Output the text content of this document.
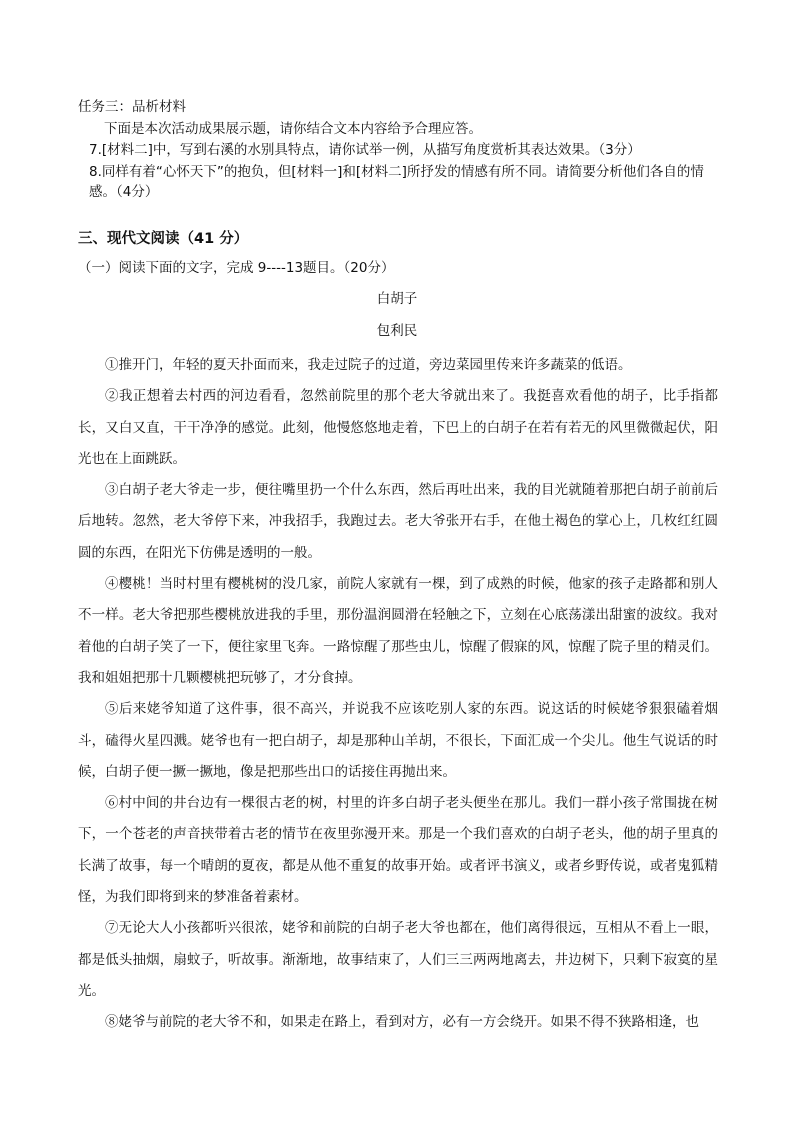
任务三：品析材料

下面是本次活动成果展示题，请你结合文本内容给予合理应答。

7.[材料二]中，写到右溪的水别具特点，请你试举一例，从描写角度赏析其表达效果。（3分）

8.同样有着“心怀天下”的抱负，但[材料一]和[材料二]所抒发的情感有所不同。请简要分析他们各自的情感。（4分）

三、现代文阅读（41 分）

（一）阅读下面的文字，完成 9----13题目。（20分）

白胡子

包利民

①推开门，年轻的夏天扑面而来，我走过院子的过道，旁边菜园里传来许多蔬菜的低语。

②我正想着去村西的河边看看，忽然前院里的那个老大爷就出来了。我挺喜欢看他的胡子，比手指都长，又白又直，干干净净的感觉。此刻，他慢悠悠地走着，下巴上的白胡子在若有若无的风里微微起伏，阳光也在上面跳跃。

③白胡子老大爷走一步，便往嘴里扔一个什么东西，然后再吐出来，我的目光就随着那把白胡子前前后后地转。忽然，老大爷停下来，冲我招手，我跑过去。老大爷张开右手，在他土褐色的掌心上，几枚红红圆圆的东西，在阳光下仿佛是透明的一般。

④樱桃！当时村里有樱桃树的没几家，前院人家就有一棵，到了成熟的时候，他家的孩子走路都和别人不一样。老大爷把那些樱桃放进我的手里，那份温润圆滑在轻触之下，立刻在心底荡漾出甜蜜的波纹。我对着他的白胡子笑了一下，便往家里飞奔。一路惊醒了那些虫儿，惊醒了假寐的风，惊醒了院子里的精灵们。我和姐姐把那十几颗樱桃把玩够了，才分食掉。

⑤后来姥爷知道了这件事，很不高兴，并说我不应该吃别人家的东西。说这话的时候姥爷狠狠磕着烟斗，磕得火星四溅。姥爷也有一把白胡子，却是那种山羊胡，不很长，下面汇成一个尖儿。他生气说话的时候，白胡子便一撅一撅地，像是把那些出口的话接住再抛出来。

⑥村中间的井台边有一棵很古老的树，村里的许多白胡子老头便坐在那儿。我们一群小孩子常围拢在树下，一个苍老的声音挟带着古老的情节在夜里弥漫开来。那是一个我们喜欢的白胡子老头，他的胡子里真的长满了故事，每一个晴朗的夏夜，都是从他不重复的故事开始。或者评书演义，或者乡野传说，或者鬼狐精怪，为我们即将到来的梦准备着素材。

⑦无论大人小孩都听兴很浓，姥爷和前院的白胡子老大爷也都在，他们离得很远，互相从不看上一眼，都是低头抽烟，扇蚊子，听故事。渐渐地，故事结束了，人们三三两两地离去，井边树下，只剩下寂寞的星光。

⑧姥爷与前院的老大爷不和，如果走在路上，看到对方，必有一方会绕开。如果不得不狭路相逢，也
